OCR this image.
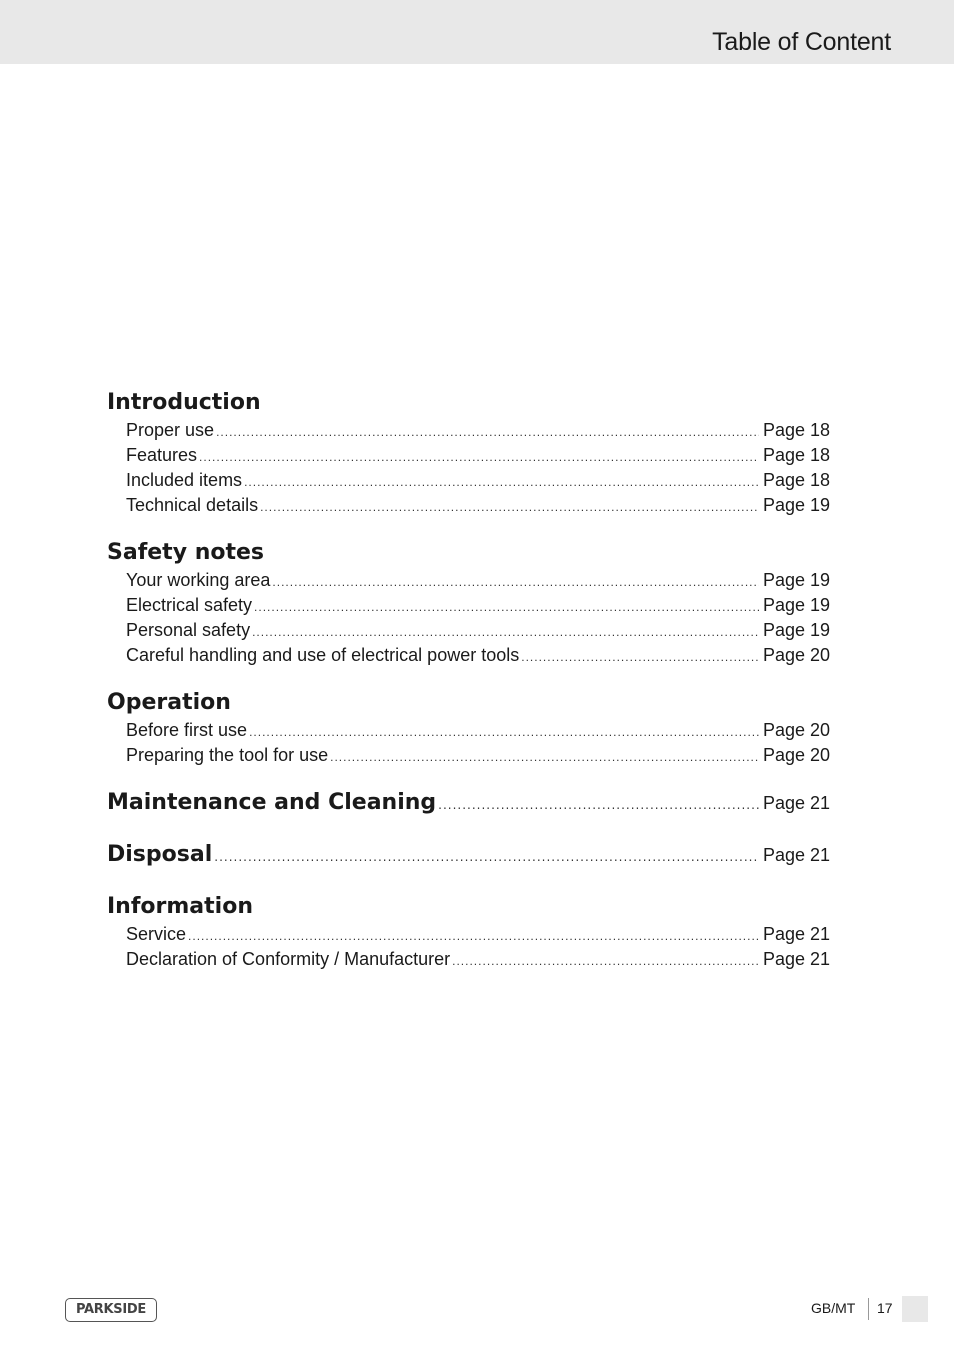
Table of Content
Introduction
Proper use .....	Page 18
Features .....	Page 18
Included items .....	Page 18
Technical details .....	Page 19
Safety notes
Your working area .....	Page 19
Electrical safety .....	Page 19
Personal safety .....	Page 19
Careful handling and use of electrical power tools .....	Page 20
Operation
Before first use .....	Page 20
Preparing the tool for use .....	Page 20
Maintenance and Cleaning .....	Page 21
Disposal .....	Page 21
Information
Service .....	Page 21
Declaration of Conformity / Manufacturer .....	Page 21
PARKSIDE	GB/MT 17
